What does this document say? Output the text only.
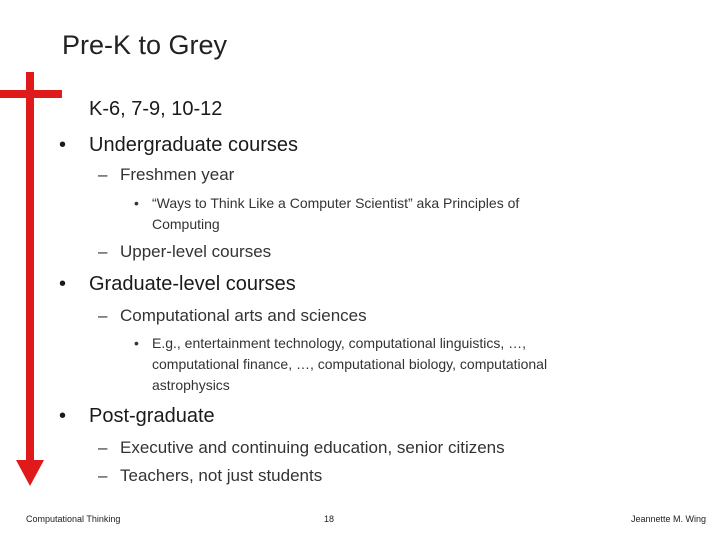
Pre-K to Grey
K-6, 7-9, 10-12
• Undergraduate courses
– Freshmen year
• “Ways to Think Like a Computer Scientist” aka Principles of
Computing
– Upper-level courses
• Graduate-level courses
– Computational arts and sciences
• E.g., entertainment technology, computational linguistics, …,
computational finance, …, computational biology, computational
astrophysics
• Post-graduate
– Executive and continuing education, senior citizens
– Teachers, not just students
Computational Thinking	18	Jeannette M. Wing
